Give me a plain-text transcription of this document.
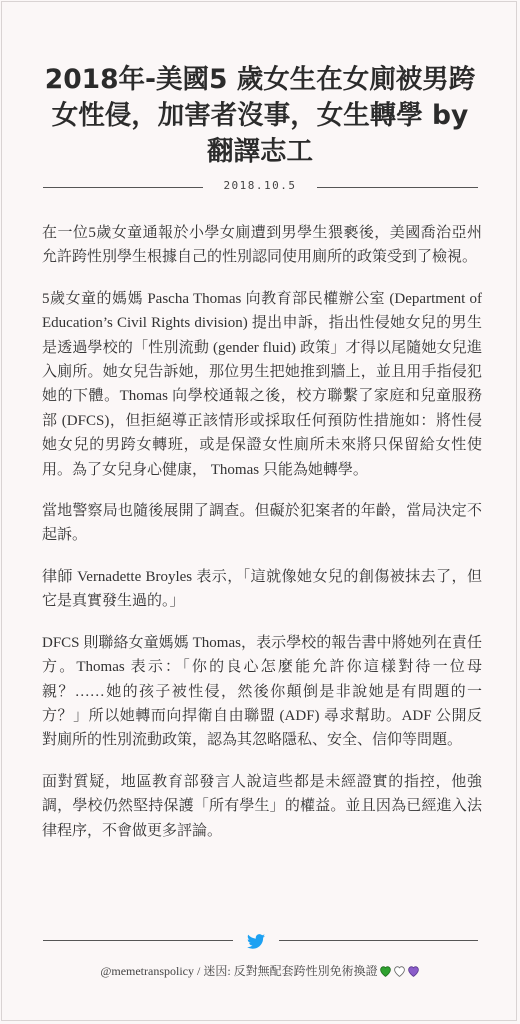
2018年-美國5 歲女生在女廁被男跨女性侵，加害者沒事，女生轉學 by 翻譯志工
2018.10.5

在一位5歲女童通報於小學女廁遭到男學生猥褻後，美國喬治亞州允許跨性別學生根據自己的性別認同使用廁所的政策受到了檢視。

5歲女童的媽媽 Pascha Thomas 向教育部民權辦公室 (Department of Education’s Civil Rights division) 提出申訴，指出性侵她女兒的男生是透過學校的「性別流動 (gender fluid) 政策」才得以尾隨她女兒進入廁所。她女兒告訴她，那位男生把她推到牆上，並且用手指侵犯她的下體。Thomas 向學校通報之後，校方聯繫了家庭和兒童服務部 (DFCS)，但拒絕導正該情形或採取任何預防性措施如：將性侵她女兒的男跨女轉班，或是保證女性廁所未來將只保留給女性使用。為了女兒身心健康， Thomas 只能為她轉學。

當地警察局也隨後展開了調查。但礙於犯案者的年齡，當局決定不起訴。

律師 Vernadette Broyles 表示，「這就像她女兒的創傷被抹去了，但它是真實發生過的。」

DFCS 則聯絡女童媽媽 Thomas，表示學校的報告書中將她列在責任方。Thomas 表示：「你的良心怎麼能允許你這樣對待一位母親？……她的孩子被性侵，然後你顛倒是非說她是有問題的一方？」所以她轉而向捍衛自由聯盟 (ADF) 尋求幫助。ADF 公開反對廁所的性別流動政策，認為其忽略隱私、安全、信仰等問題。

面對質疑，地區教育部發言人說這些都是未經證實的指控，他強調，學校仍然堅持保護「所有學生」的權益。並且因為已經進入法律程序，不會做更多評論。

@memetranspolicy / 迷因: 反對無配套跨性別免術換證
